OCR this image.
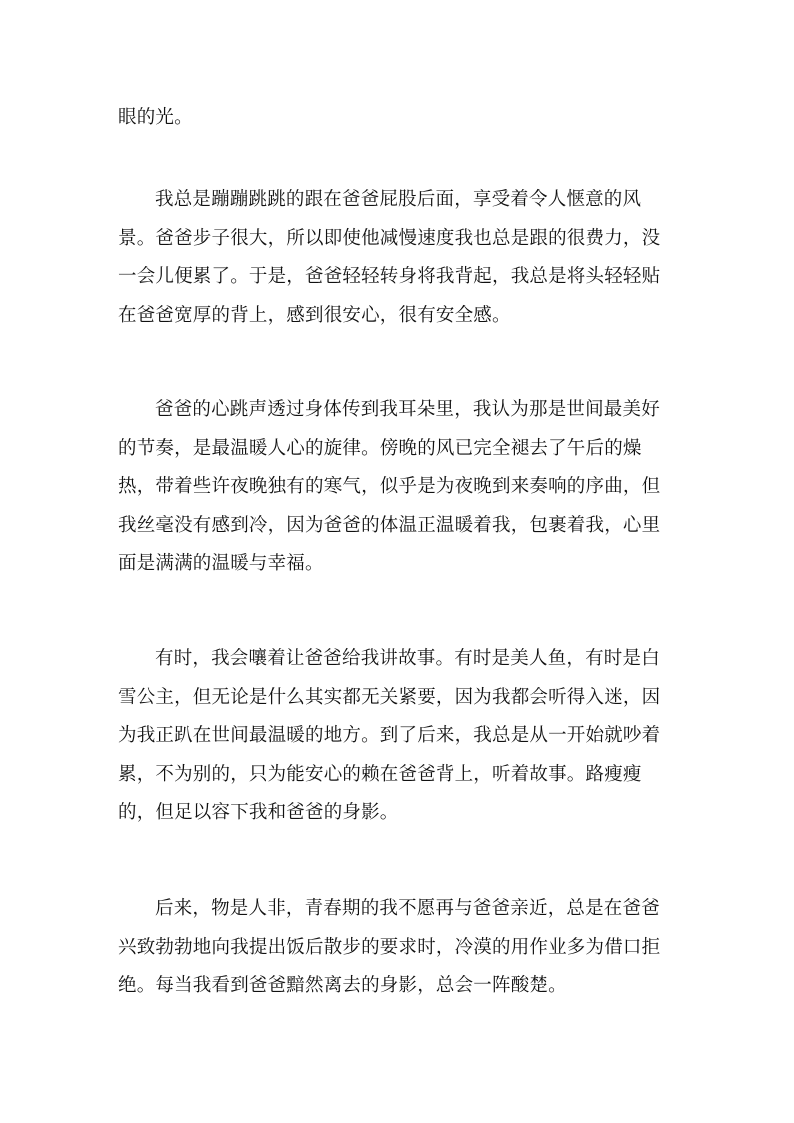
眼的光。

我总是蹦蹦跳跳的跟在爸爸屁股后面，享受着令人惬意的风景。爸爸步子很大，所以即使他减慢速度我也总是跟的很费力，没一会儿便累了。于是，爸爸轻轻转身将我背起，我总是将头轻轻贴在爸爸宽厚的背上，感到很安心，很有安全感。

爸爸的心跳声透过身体传到我耳朵里，我认为那是世间最美好的节奏，是最温暖人心的旋律。傍晚的风已完全褪去了午后的燥热，带着些许夜晚独有的寒气，似乎是为夜晚到来奏响的序曲，但我丝毫没有感到冷，因为爸爸的体温正温暖着我，包裹着我，心里面是满满的温暖与幸福。

有时，我会嚷着让爸爸给我讲故事。有时是美人鱼，有时是白雪公主，但无论是什么其实都无关紧要，因为我都会听得入迷，因为我正趴在世间最温暖的地方。到了后来，我总是从一开始就吵着累，不为别的，只为能安心的赖在爸爸背上，听着故事。路瘦瘦的，但足以容下我和爸爸的身影。

后来，物是人非，青春期的我不愿再与爸爸亲近，总是在爸爸兴致勃勃地向我提出饭后散步的要求时，冷漠的用作业多为借口拒绝。每当我看到爸爸黯然离去的身影，总会一阵酸楚。
